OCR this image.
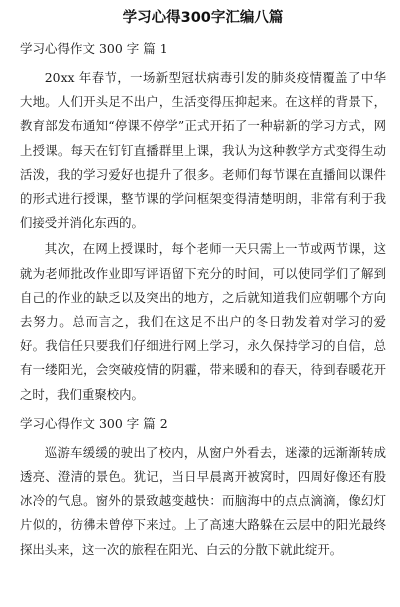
学习心得300字汇编八篇
学习心得作文 300 字 篇 1

20xx 年春节，一场新型冠状病毒引发的肺炎疫情覆盖了中华大地。人们开头足不出户，生活变得压抑起来。在这样的背景下，教育部发布通知“停课不停学”正式开拓了一种崭新的学习方式，网上授课。每天在钉钉直播群里上课，我认为这种教学方式变得生动活泼，我的学习爱好也提升了很多。老师们每节课在直播间以课件的形式进行授课，整节课的学问框架变得清楚明朗，非常有利于我们接受并消化东西的。

其次，在网上授课时，每个老师一天只需上一节或两节课，这就为老师批改作业即写评语留下充分的时间，可以使同学们了解到自己的作业的缺乏以及突出的地方，之后就知道我们应朝哪个方向去努力。总而言之，我们在这足不出户的冬日勃发着对学习的爱好。我信任只要我们仔细进行网上学习，永久保持学习的自信，总有一缕阳光，会突破疫情的阴霾，带来暖和的春天，待到春暖花开之时，我们重聚校内。

学习心得作文 300 字 篇 2

巡游车缓缓的驶出了校内，从窗户外看去，迷濛的远渐渐转成透亮、澄清的景色。犹记，当日早晨离开被窝时，四周好像还有股冰冷的气息。窗外的景致越变越快：而脑海中的点点滴滴，像幻灯片似的，彷彿未曾停下来过。上了高速大路躲在云层中的阳光最终探出头来，这一次的旅程在阳光、白云的分散下就此绽开。
